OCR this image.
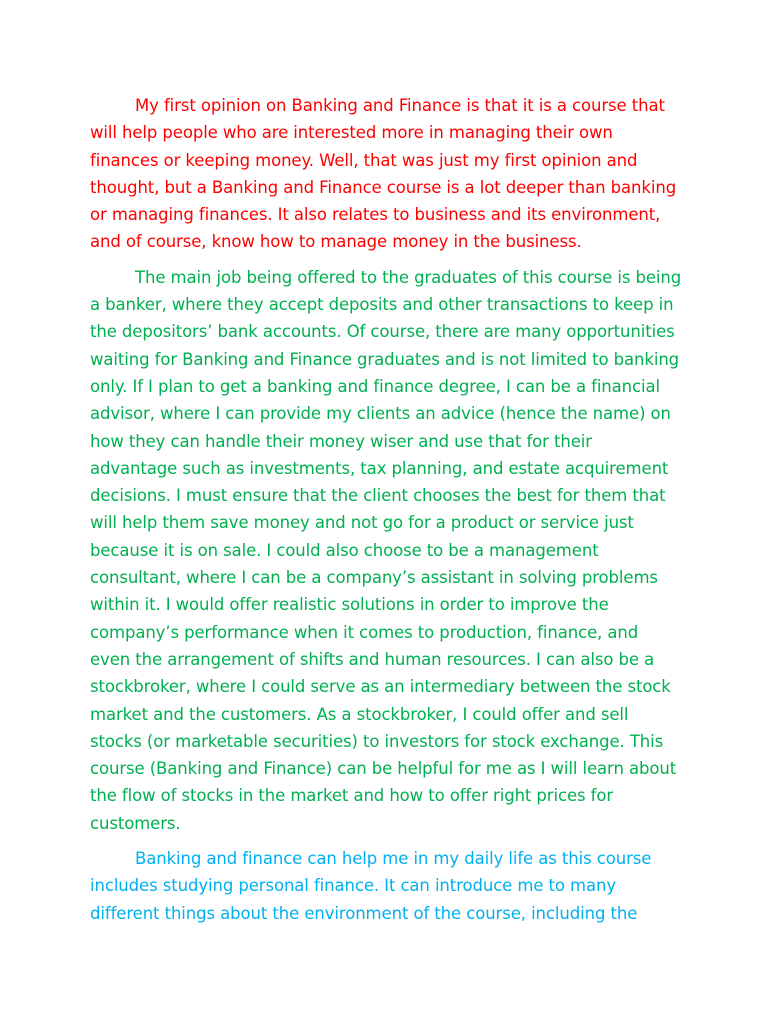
My first opinion on Banking and Finance is that it is a course that
will help people who are interested more in managing their own
finances or keeping money. Well, that was just my first opinion and
thought, but a Banking and Finance course is a lot deeper than banking
or managing finances. It also relates to business and its environment,
and of course, know how to manage money in the business.

The main job being offered to the graduates of this course is being
a banker, where they accept deposits and other transactions to keep in
the depositors’ bank accounts. Of course, there are many opportunities
waiting for Banking and Finance graduates and is not limited to banking
only. If I plan to get a banking and finance degree, I can be a financial
advisor, where I can provide my clients an advice (hence the name) on
how they can handle their money wiser and use that for their
advantage such as investments, tax planning, and estate acquirement
decisions. I must ensure that the client chooses the best for them that
will help them save money and not go for a product or service just
because it is on sale. I could also choose to be a management
consultant, where I can be a company’s assistant in solving problems
within it. I would offer realistic solutions in order to improve the
company’s performance when it comes to production, finance, and
even the arrangement of shifts and human resources. I can also be a
stockbroker, where I could serve as an intermediary between the stock
market and the customers. As a stockbroker, I could offer and sell
stocks (or marketable securities) to investors for stock exchange. This
course (Banking and Finance) can be helpful for me as I will learn about
the flow of stocks in the market and how to offer right prices for
customers.

Banking and finance can help me in my daily life as this course
includes studying personal finance. It can introduce me to many
different things about the environment of the course, including the
